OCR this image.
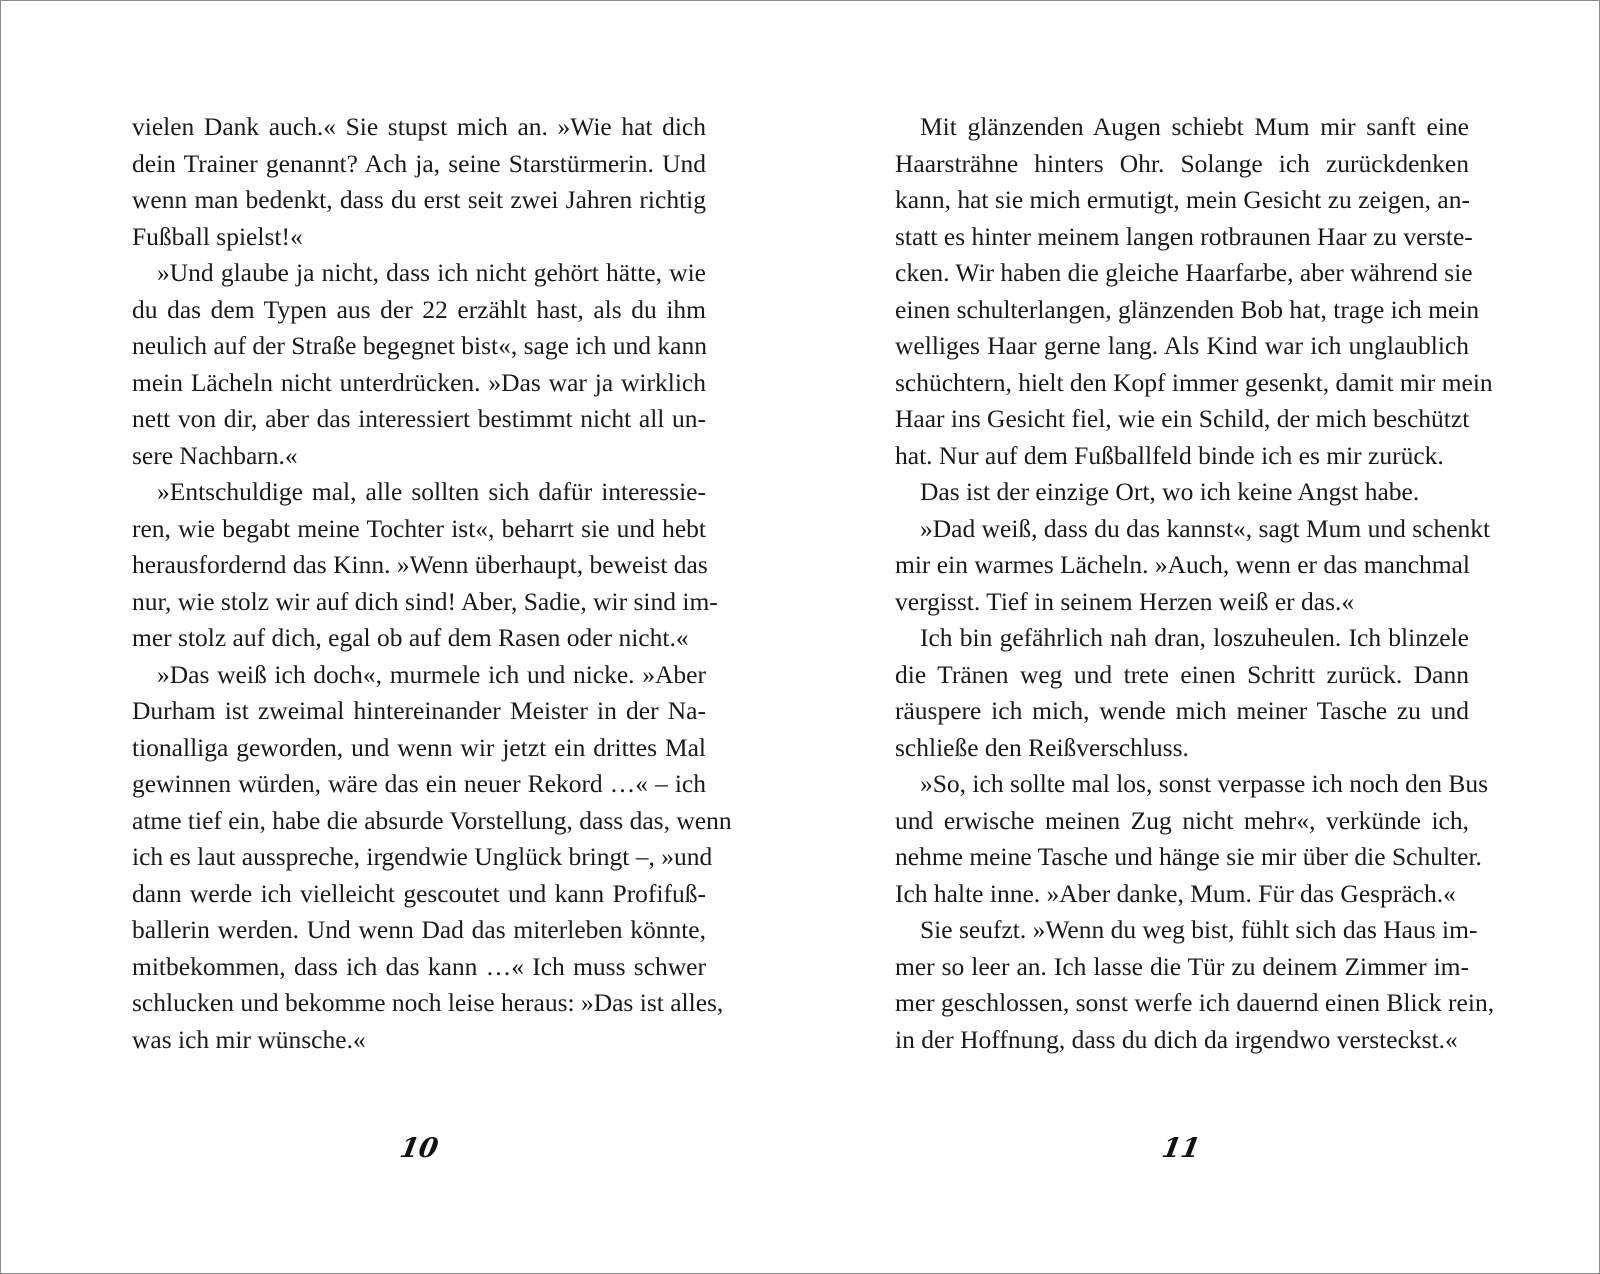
vielen Dank auch.« Sie stupst mich an. »Wie hat dich
dein Trainer genannt? Ach ja, seine Starstürmerin. Und
wenn man bedenkt, dass du erst seit zwei Jahren richtig
Fußball spielst!«
»Und glaube ja nicht, dass ich nicht gehört hätte, wie
du das dem Typen aus der 22 erzählt hast, als du ihm
neulich auf der Straße begegnet bist«, sage ich und kann
mein Lächeln nicht unterdrücken. »Das war ja wirklich
nett von dir, aber das interessiert bestimmt nicht all un-
sere Nachbarn.«
»Entschuldige mal, alle sollten sich dafür interessie-
ren, wie begabt meine Tochter ist«, beharrt sie und hebt
herausfordernd das Kinn. »Wenn überhaupt, beweist das
nur, wie stolz wir auf dich sind! Aber, Sadie, wir sind im-
mer stolz auf dich, egal ob auf dem Rasen oder nicht.«
»Das weiß ich doch«, murmele ich und nicke. »Aber
Durham ist zweimal hintereinander Meister in der Na-
tionalliga geworden, und wenn wir jetzt ein drittes Mal
gewinnen würden, wäre das ein neuer Rekord …« – ich
atme tief ein, habe die absurde Vorstellung, dass das, wenn
ich es laut ausspreche, irgendwie Unglück bringt –, »und
dann werde ich vielleicht gescoutet und kann Profifuß-
ballerin werden. Und wenn Dad das miterleben könnte,
mitbekommen, dass ich das kann …« Ich muss schwer
schlucken und bekomme noch leise heraus: »Das ist alles,
was ich mir wünsche.«
10
Mit glänzenden Augen schiebt Mum mir sanft eine
Haarsträhne hinters Ohr. Solange ich zurückdenken
kann, hat sie mich ermutigt, mein Gesicht zu zeigen, an-
statt es hinter meinem langen rotbraunen Haar zu verste-
cken. Wir haben die gleiche Haarfarbe, aber während sie
einen schulterlangen, glänzenden Bob hat, trage ich mein
welliges Haar gerne lang. Als Kind war ich unglaublich
schüchtern, hielt den Kopf immer gesenkt, damit mir mein
Haar ins Gesicht fiel, wie ein Schild, der mich beschützt
hat. Nur auf dem Fußballfeld binde ich es mir zurück.
Das ist der einzige Ort, wo ich keine Angst habe.
»Dad weiß, dass du das kannst«, sagt Mum und schenkt
mir ein warmes Lächeln. »Auch, wenn er das manchmal
vergisst. Tief in seinem Herzen weiß er das.«
Ich bin gefährlich nah dran, loszuheulen. Ich blinzele
die Tränen weg und trete einen Schritt zurück. Dann
räuspere ich mich, wende mich meiner Tasche zu und
schließe den Reißverschluss.
»So, ich sollte mal los, sonst verpasse ich noch den Bus
und erwische meinen Zug nicht mehr«, verkünde ich,
nehme meine Tasche und hänge sie mir über die Schulter.
Ich halte inne. »Aber danke, Mum. Für das Gespräch.«
Sie seufzt. »Wenn du weg bist, fühlt sich das Haus im-
mer so leer an. Ich lasse die Tür zu deinem Zimmer im-
mer geschlossen, sonst werfe ich dauernd einen Blick rein,
in der Hoffnung, dass du dich da irgendwo versteckst.«
11
